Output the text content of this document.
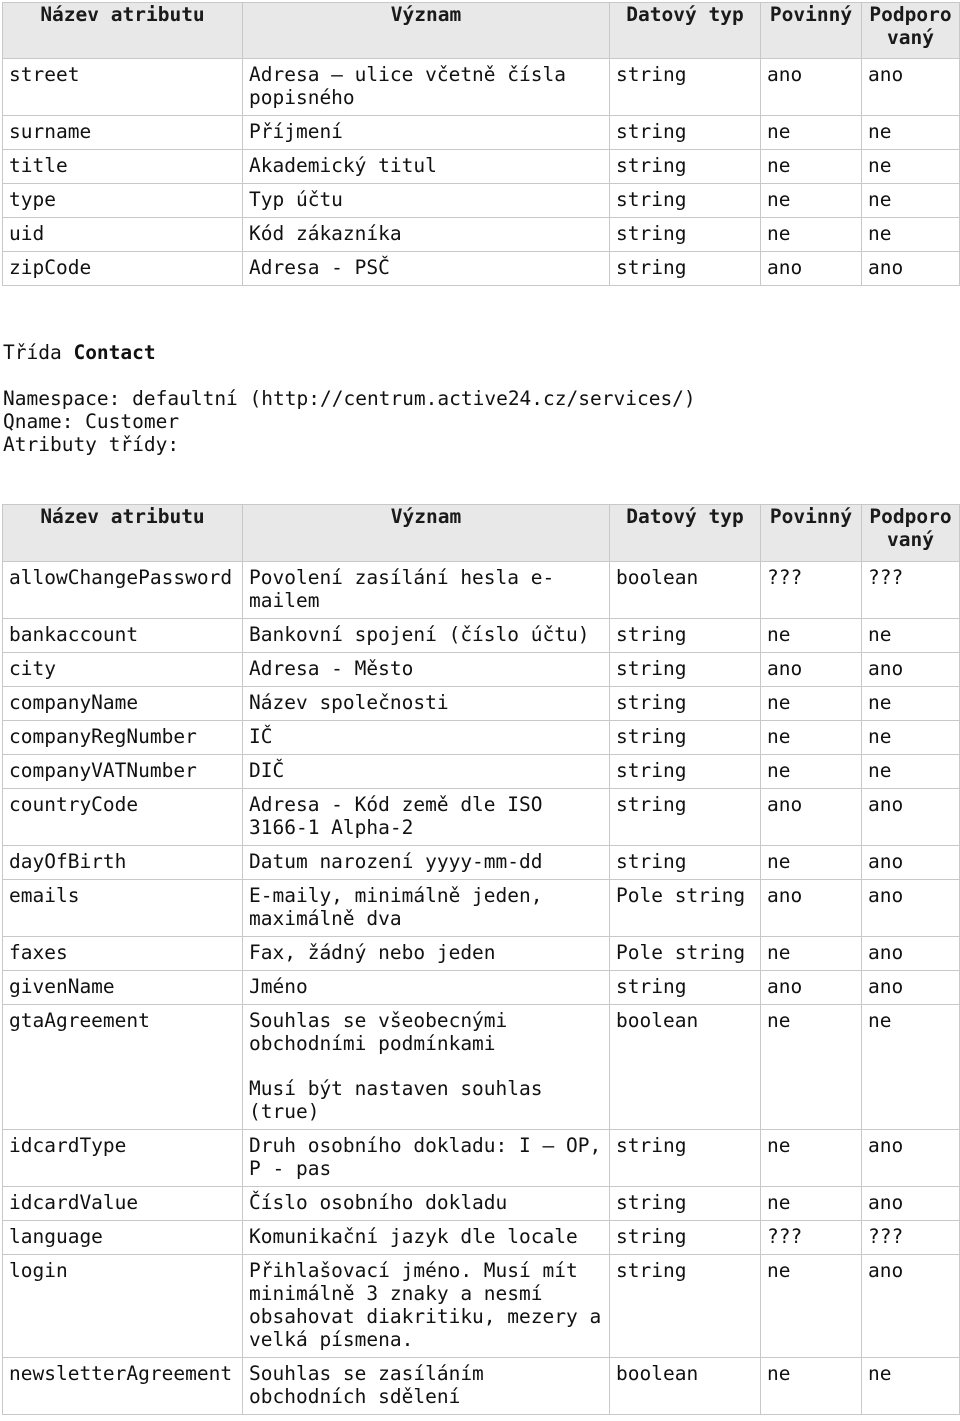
Název atributu	Význam	Datový typ	Povinný	Podporo
vaný
street	Adresa – ulice včetně čísla popisného	string	ano	ano
surname	Příjmení	string	ne	ne
title	Akademický titul	string	ne	ne
type	Typ účtu	string	ne	ne
uid	Kód zákazníka	string	ne	ne
zipCode	Adresa - PSČ	string	ano	ano
Třída Contact
Namespace: defaultní (http://centrum.active24.cz/services/)
Qname: Customer
Atributy třídy:
Název atributu	Význam	Datový typ	Povinný	Podporo
vaný
allowChangePassword	Povolení zasílání hesla e-mailem	boolean	???	???
bankaccount	Bankovní spojení (číslo účtu)	string	ne	ne
city	Adresa - Město	string	ano	ano
companyName	Název společnosti	string	ne	ne
companyRegNumber	IČ	string	ne	ne
companyVATNumber	DIČ	string	ne	ne
countryCode	Adresa - Kód země dle ISO 3166-1 Alpha-2	string	ano	ano
dayOfBirth	Datum narození yyyy-mm-dd	string	ne	ano
emails	E-maily, minimálně jeden, maximálně dva	Pole string	ano	ano
faxes	Fax, žádný nebo jeden	Pole string	ne	ano
givenName	Jméno	string	ano	ano
gtaAgreement	Souhlas se všeobecnými obchodními podmínkami
Musí být nastaven souhlas (true)	boolean	ne	ne
idcardType	Druh osobního dokladu: I – OP, P - pas	string	ne	ano
idcardValue	Číslo osobního dokladu	string	ne	ano
language	Komunikační jazyk dle locale	string	???	???
login	Přihlašovací jméno. Musí mít minimálně 3 znaky a nesmí obsahovat diakritiku, mezery a velká písmena.	string	ne	ano
newsletterAgreement	Souhlas se zasíláním obchodních sdělení	boolean	ne	ne
